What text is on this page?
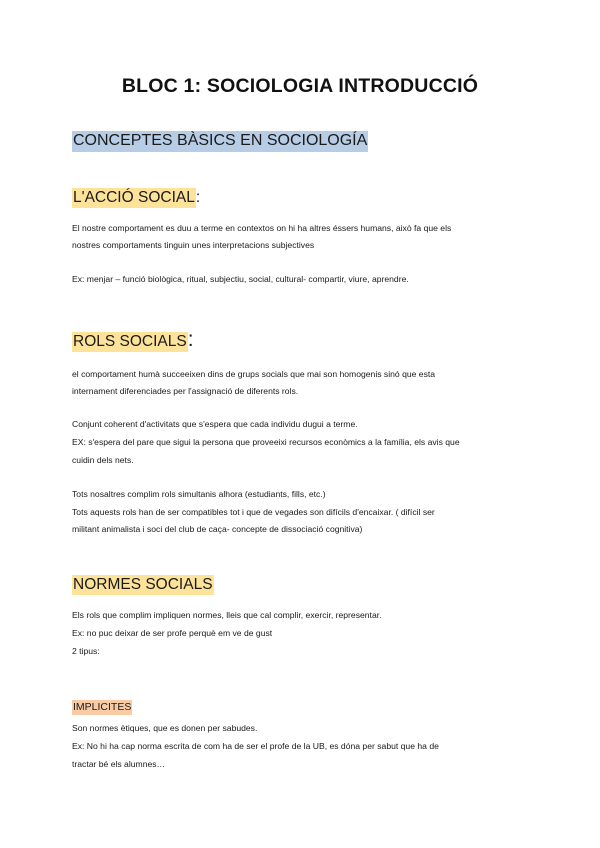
BLOC 1: SOCIOLOGIA INTRODUCCIÓ
CONCEPTES BÀSICS EN SOCIOLOGÍA
L'ACCIÓ SOCIAL:
El nostre comportament es duu a terme en contextos on hi ha altres éssers humans, això fa que els
nostres comportaments tinguin unes interpretacions subjectives
Ex: menjar – funció biològica, ritual, subjectiu, social, cultural- compartir, viure, aprendre.
ROLS SOCIALS:
el comportament humà succeeixen dins de grups socials que mai son homogenis sinó que esta
internament diferenciades per l'assignació de diferents rols.
Conjunt coherent d'activitats que s'espera que cada individu dugui a terme.
EX: s'espera del pare que sigui la persona que proveeixi recursos econòmics a la família, els avis que
cuidin dels nets.
Tots nosaltres complim rols simultanis alhora (estudiants, fills, etc.)
Tots aquests rols han de ser compatibles tot i que de vegades son difícils d'encaixar. ( difícil ser
militant animalista i soci del club de caça- concepte de dissociació cognitiva)
NORMES SOCIALS
Els rols que complim impliquen normes, lleis que cal complir, exercir, representar.
Ex: no puc deixar de ser profe perquè em ve de gust
2 tipus:
IMPLICITES
Son normes ètiques, que es donen per sabudes.
Ex: No hi ha cap norma escrita de com ha de ser el profe de la UB, es dóna per sabut que ha de
tractar bé els alumnes…
